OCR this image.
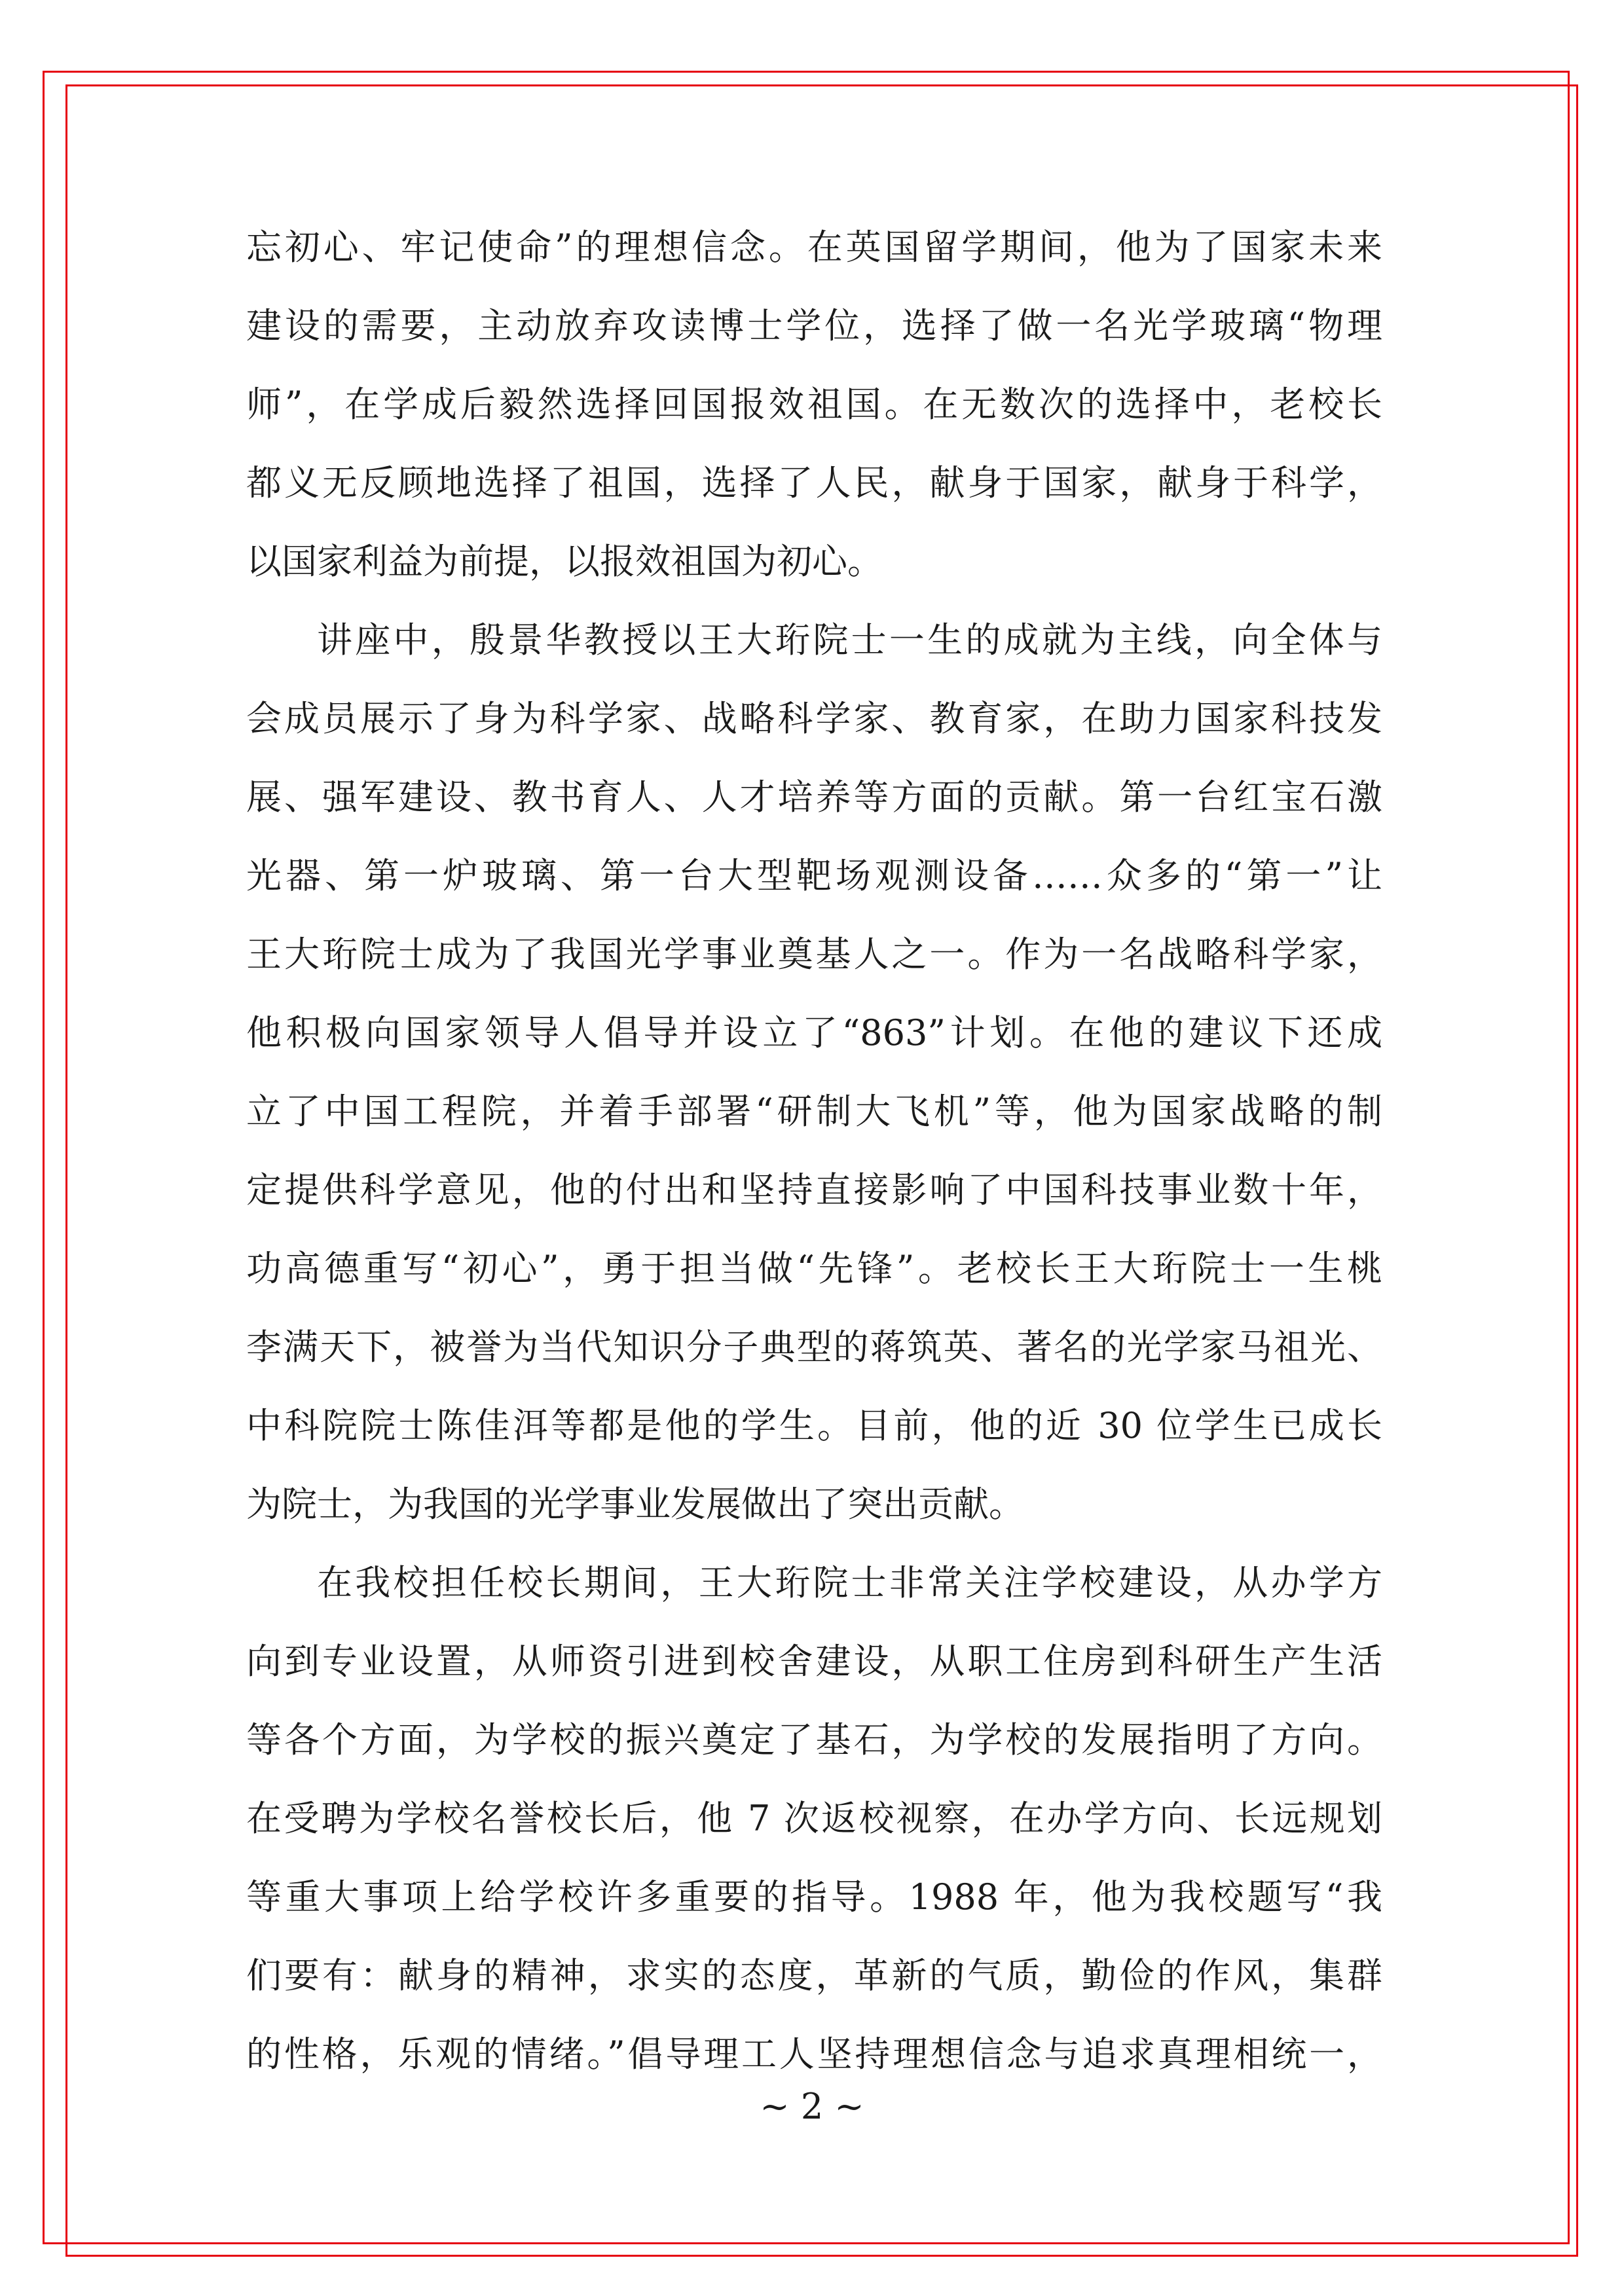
忘初心、牢记使命”的理想信念。在英国留学期间，他为了国家未来
建设的需要，主动放弃攻读博士学位，选择了做一名光学玻璃“物理
师”，在学成后毅然选择回国报效祖国。在无数次的选择中，老校长
都义无反顾地选择了祖国，选择了人民，献身于国家，献身于科学，
以国家利益为前提，以报效祖国为初心。
讲座中，殷景华教授以王大珩院士一生的成就为主线，向全体与
会成员展示了身为科学家、战略科学家、教育家，在助力国家科技发
展、强军建设、教书育人、人才培养等方面的贡献。第一台红宝石激
光器、第一炉玻璃、第一台大型靶场观测设备……众多的“第一”让
王大珩院士成为了我国光学事业奠基人之一。作为一名战略科学家，
他积极向国家领导人倡导并设立了“863”计划。在他的建议下还成
立了中国工程院，并着手部署“研制大飞机”等，他为国家战略的制
定提供科学意见，他的付出和坚持直接影响了中国科技事业数十年，
功高德重写“初心”，勇于担当做“先锋”。老校长王大珩院士一生桃
李满天下，被誉为当代知识分子典型的蒋筑英、著名的光学家马祖光、
中科院院士陈佳洱等都是他的学生。目前，他的近 30 位学生已成长
为院士，为我国的光学事业发展做出了突出贡献。
在我校担任校长期间，王大珩院士非常关注学校建设，从办学方
向到专业设置，从师资引进到校舍建设，从职工住房到科研生产生活
等各个方面，为学校的振兴奠定了基石，为学校的发展指明了方向。
在受聘为学校名誉校长后，他 7 次返校视察，在办学方向、长远规划
等重大事项上给学校许多重要的指导。1988 年，他为我校题写“我
们要有：献身的精神，求实的态度，革新的气质，勤俭的作风，集群
的性格，乐观的情绪。”倡导理工人坚持理想信念与追求真理相统一，
~ 2 ~
